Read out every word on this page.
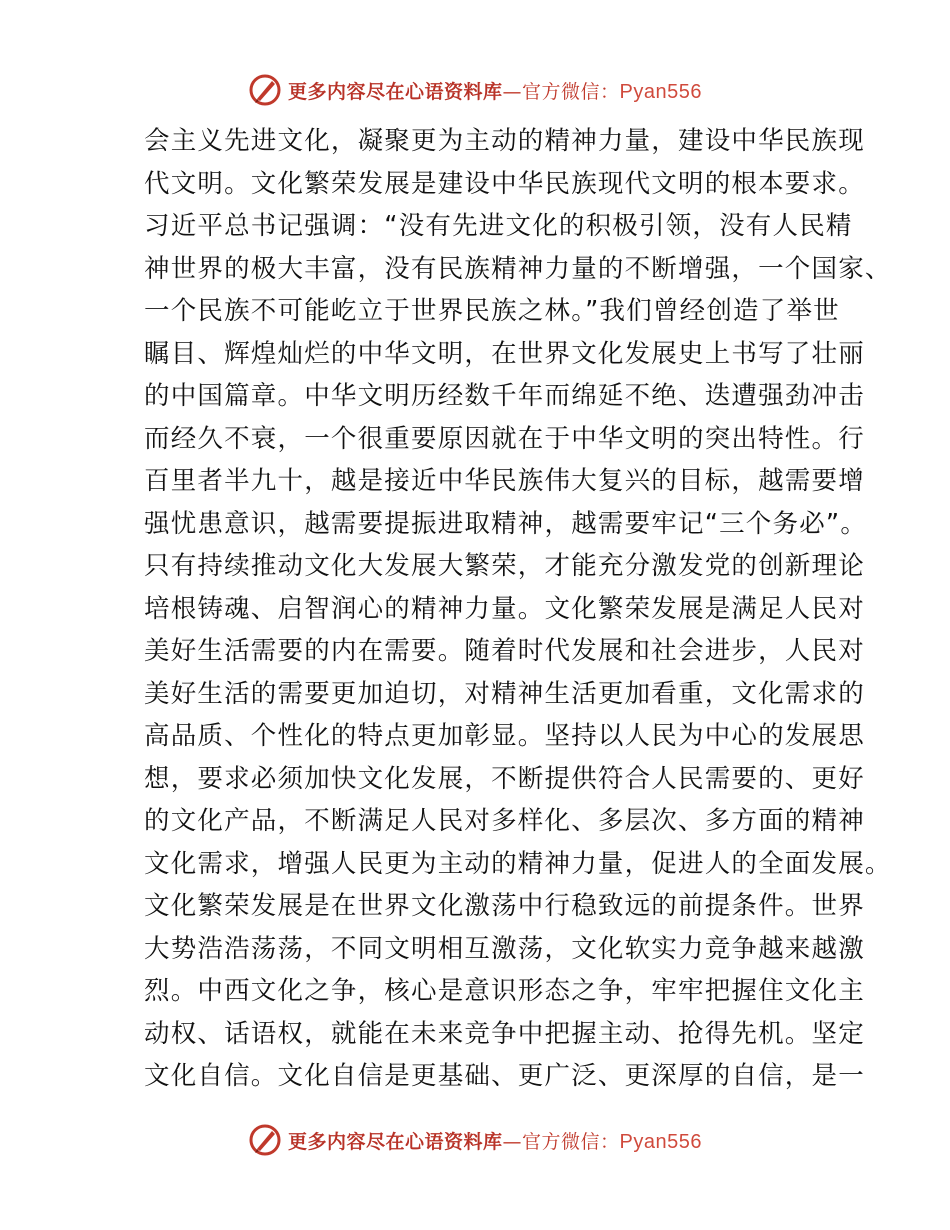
更多内容尽在心语资料库 — 官方微信： Pyan556
会主义先进文化，凝聚更为主动的精神力量，建设中华民族现
代文明。文化繁荣发展是建设中华民族现代文明的根本要求。
习近平总书记强调：“没有先进文化的积极引领，没有人民精
神世界的极大丰富，没有民族精神力量的不断增强，一个国家、
一个民族不可能屹立于世界民族之林。”我们曾经创造了举世
瞩目、辉煌灿烂的中华文明，在世界文化发展史上书写了壮丽
的中国篇章。中华文明历经数千年而绵延不绝、迭遭强劲冲击
而经久不衰，一个很重要原因就在于中华文明的突出特性。行
百里者半九十，越是接近中华民族伟大复兴的目标，越需要增
强忧患意识，越需要提振进取精神，越需要牢记“三个务必”。
只有持续推动文化大发展大繁荣，才能充分激发党的创新理论
培根铸魂、启智润心的精神力量。文化繁荣发展是满足人民对
美好生活需要的内在需要。随着时代发展和社会进步，人民对
美好生活的需要更加迫切，对精神生活更加看重，文化需求的
高品质、个性化的特点更加彰显。坚持以人民为中心的发展思
想，要求必须加快文化发展，不断提供符合人民需要的、更好
的文化产品，不断满足人民对多样化、多层次、多方面的精神
文化需求，增强人民更为主动的精神力量，促进人的全面发展。
文化繁荣发展是在世界文化激荡中行稳致远的前提条件。世界
大势浩浩荡荡，不同文明相互激荡，文化软实力竞争越来越激
烈。中西文化之争，核心是意识形态之争，牢牢把握住文化主
动权、话语权，就能在未来竞争中把握主动、抢得先机。坚定
文化自信。文化自信是更基础、更广泛、更深厚的自信，是一
更多内容尽在心语资料库 — 官方微信： Pyan556
